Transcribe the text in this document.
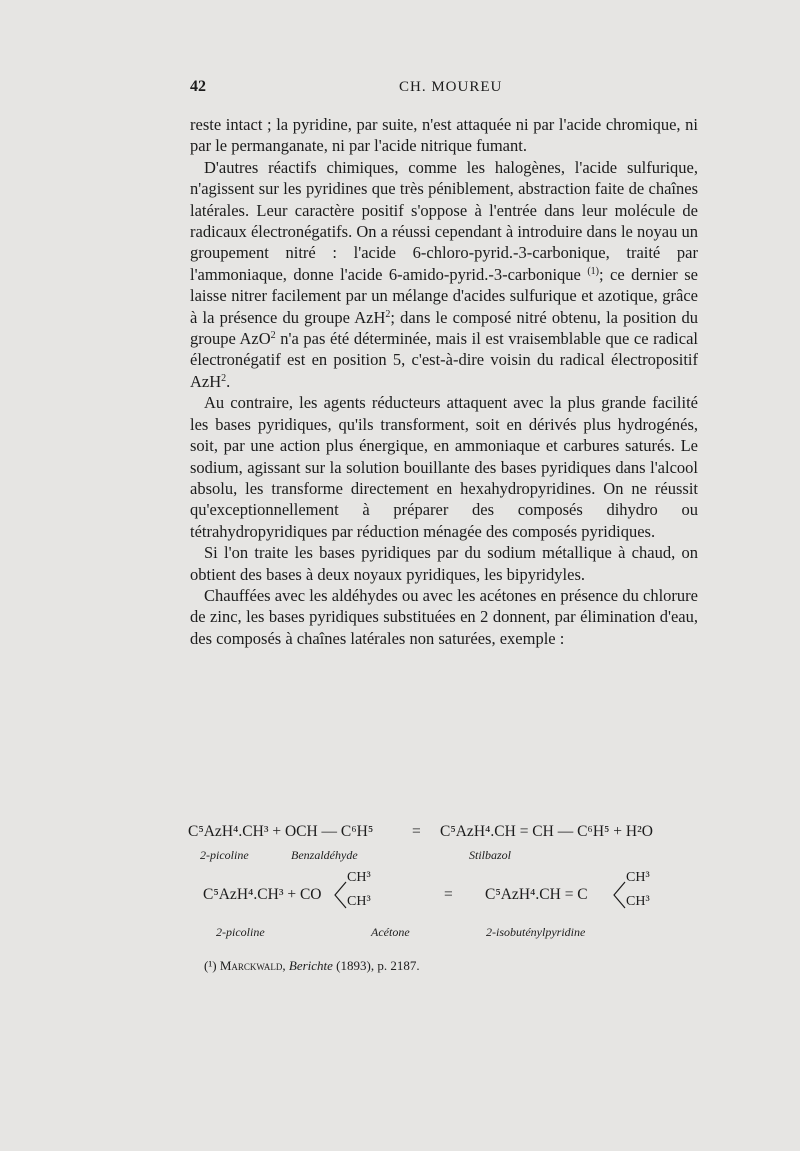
42	CH. MOUREU

reste intact ; la pyridine, par suite, n'est attaquée ni par l'acide chromique, ni par le permanganate, ni par l'acide nitrique fumant.

D'autres réactifs chimiques, comme les halogènes, l'acide sulfurique, n'agissent sur les pyridines que très péniblement, abstraction faite de chaînes latérales. Leur caractère positif s'oppose à l'entrée dans leur molécule de radicaux électronégatifs. On a réussi cependant à introduire dans le noyau un groupement nitré : l'acide 6-chloro-pyrid.-3-carbonique, traité par l'ammoniaque, donne l'acide 6-amido-pyrid.-3-carbonique $^{(1)}$; ce dernier se laisse nitrer facilement par un mélange d'acides sulfurique et azotique, grâce à la présence du groupe AzH$^2$; dans le composé nitré obtenu, la position du groupe AzO$^2$ n'a pas été déterminée, mais il est vraisemblable que ce radical électronégatif est en position 5, c'est-à-dire voisin du radical électropositif AzH$^2$.

Au contraire, les agents réducteurs attaquent avec la plus grande facilité les bases pyridiques, qu'ils transforment, soit en dérivés plus hydrogénés, soit, par une action plus énergique, en ammoniaque et carbures saturés. Le sodium, agissant sur la solution bouillante des bases pyridiques dans l'alcool absolu, les transforme directement en hexahydropyridines. On ne réussit qu'exceptionnellement à préparer des composés dihydro ou tétrahydropyridiques par réduction ménagée des composés pyridiques.

Si l'on traite les bases pyridiques par du sodium métallique à chaud, on obtient des bases à deux noyaux pyridiques, les bipyridyles.

Chauffées avec les aldéhydes ou avec les acétones en présence du chlorure de zinc, les bases pyridiques substituées en 2 donnent, par élimination d'eau, des composés à chaînes latérales non saturées, exemple :

C⁵AzH⁴.CH³ + OCH — C⁶H⁵ = C⁵AzH⁴.CH = CH — C⁶H⁵ + H²O
2-picoline	Benzaldéhyde	Stilbazol
C⁵AzH⁴.CH³ + CO
CH³
CH³	= C⁵AzH⁴.CH = C
CH³
CH³
2-picoline	Acétone	2-isobuténylpyridine
(¹) Marckwald, Berichte (1893), p. 2187.
